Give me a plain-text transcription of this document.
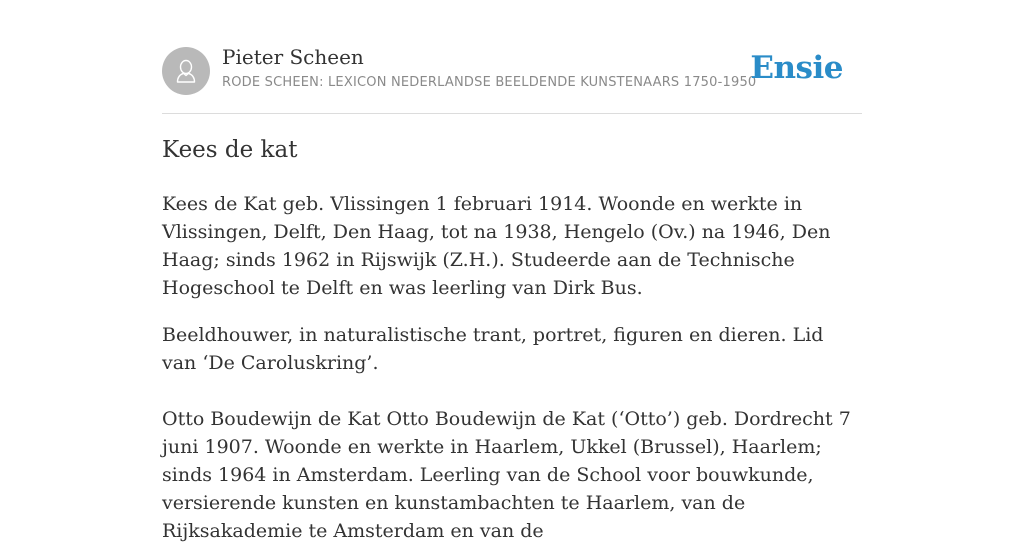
Pieter Scheen
RODE SCHEEN: LEXICON NEDERLANDSE BEELDENDE KUNSTENAARS 1750-1950
Ensie
Kees de kat

Kees de Kat geb. Vlissingen 1 februari 1914. Woonde en werkte in Vlissingen, Delft, Den Haag, tot na 1938, Hengelo (Ov.) na 1946, Den Haag; sinds 1962 in Rijswijk (Z.H.). Studeerde aan de Technische Hogeschool te Delft en was leerling van Dirk Bus.

Beeldhouwer, in naturalistische trant, portret, figuren en dieren. Lid van ‘De Caroluskring’.

Otto Boudewijn de Kat Otto Boudewijn de Kat (‘Otto’) geb. Dordrecht 7 juni 1907. Woonde en werkte in Haarlem, Ukkel (Brussel), Haarlem; sinds 1964 in Amsterdam. Leerling van de School voor bouwkunde, versierende kunsten en kunstambachten te Haarlem, van de Rijksakademie te Amsterdam en van de
